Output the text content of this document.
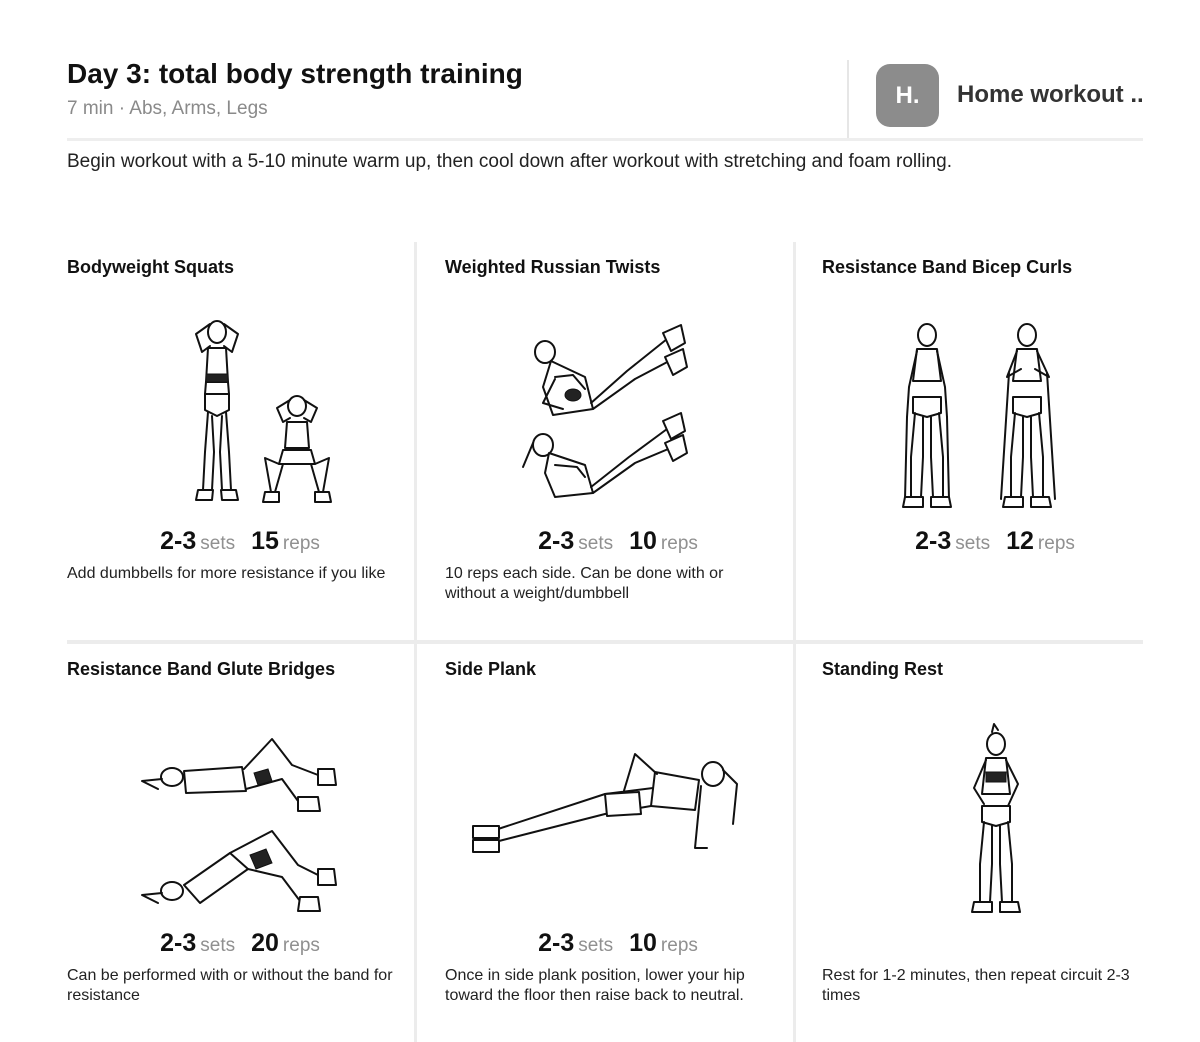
Day 3: total body strength training
7 min · Abs, Arms, Legs	H.	Home workout ..
Begin workout with a 5-10 minute warm up, then cool down after workout with stretching and foam rolling.
Bodyweight Squats
2-3 sets 15 reps
Add dumbbells for more resistance if you like
Weighted Russian Twists
2-3 sets 10 reps
10 reps each side. Can be done with or without a weight/dumbbell
Resistance Band Bicep Curls
2-3 sets 12 reps
Resistance Band Glute Bridges
2-3 sets 20 reps
Can be performed with or without the band for resistance
Side Plank
2-3 sets 10 reps
Once in side plank position, lower your hip toward the floor then raise back to neutral.
Standing Rest
Rest for 1-2 minutes, then repeat circuit 2-3 times
